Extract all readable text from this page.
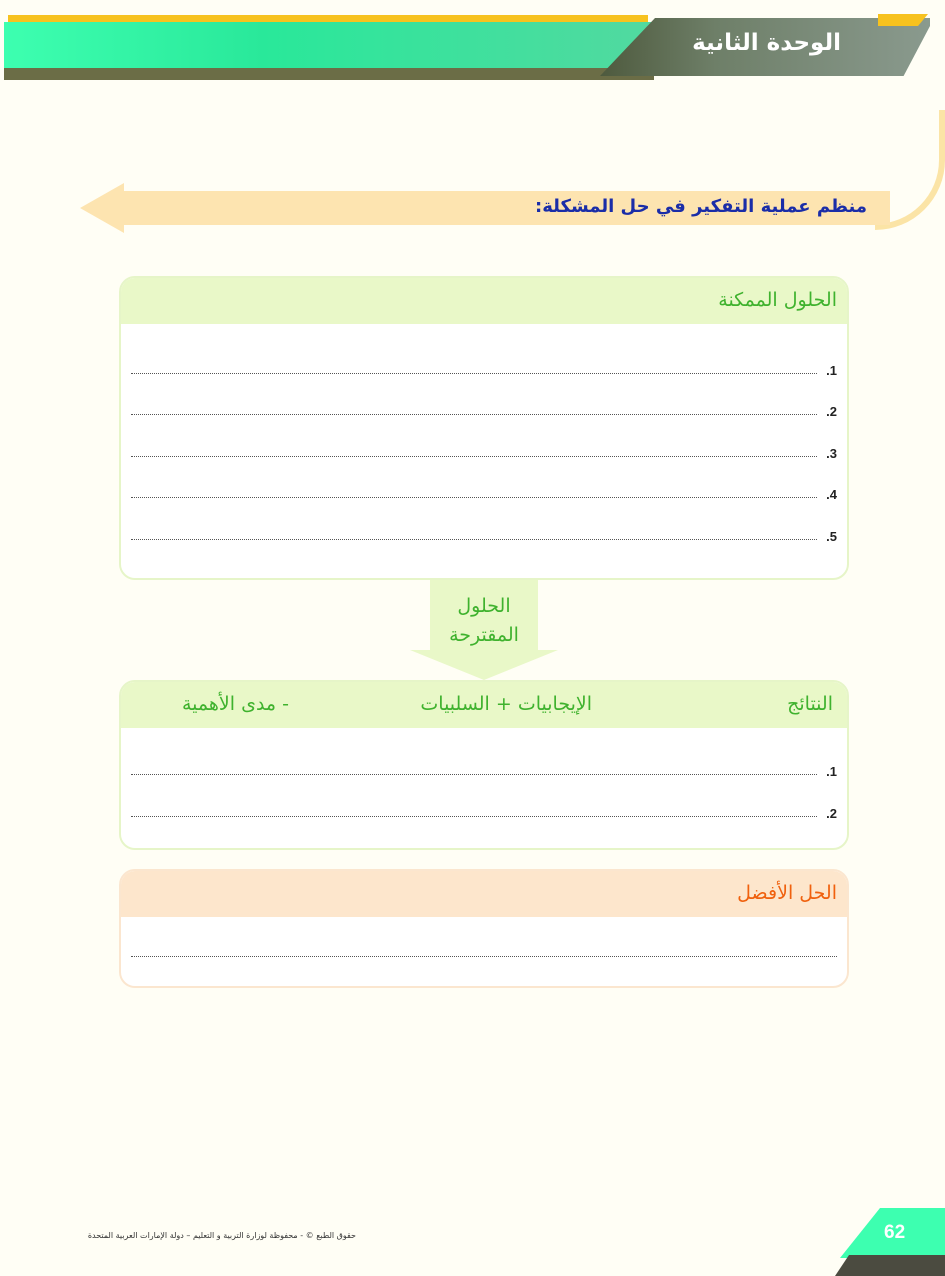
الوحدة الثانية
منظم عملية التفكير في حل المشكلة:
الحلول الممكنة
1.
2.
3.
4.
5.
الحلول
المقترحة
النتائج
الإيجابيات + السلبيات
- مدى الأهمية
1.
2.
الحل الأفضل
حقوق الطبع © - محفوظة لوزارة التربية و التعليم – دولة الإمارات العربية المتحدة	62
